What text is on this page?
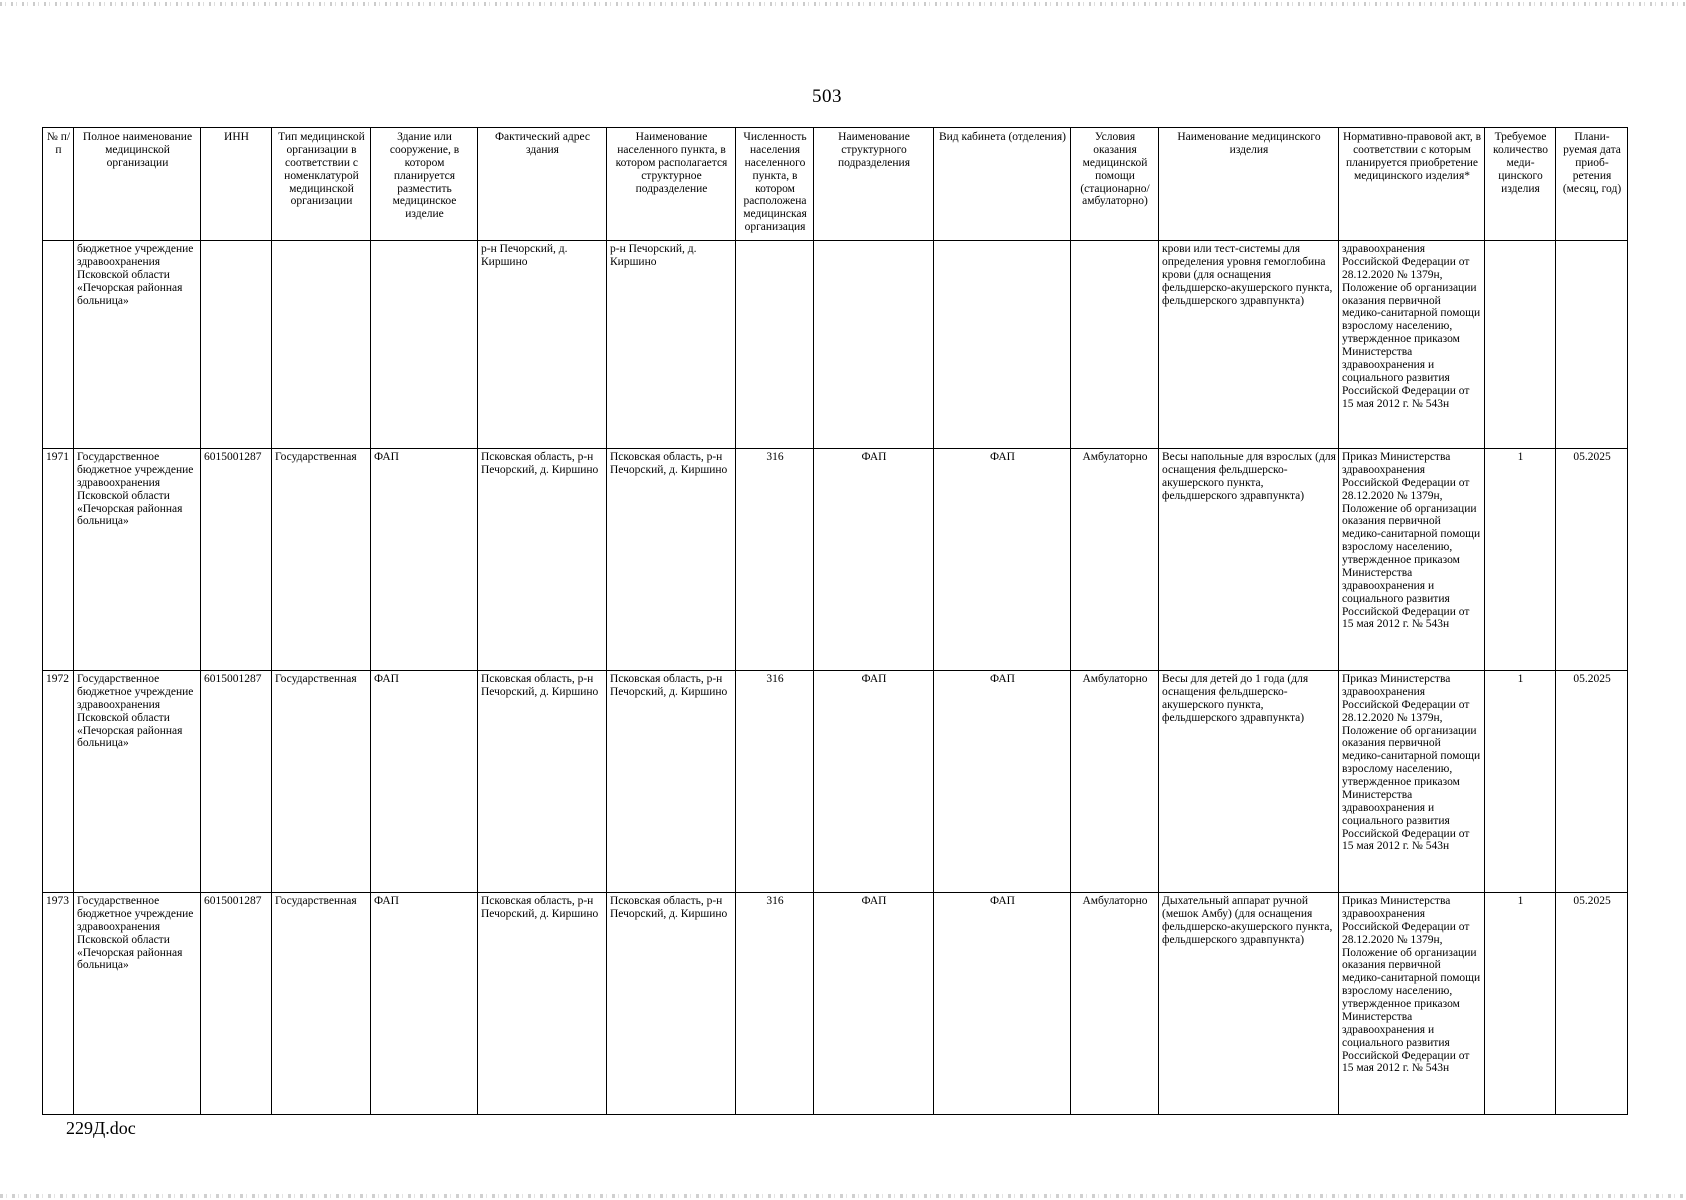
503
№ п/п	Полное наименование медицинской организации	ИНН	Тип медицинской организации в соответствии с номенклатурой медицинской организации	Здание или сооружение, в котором планируется разместить медицинское изделие	Фактический адрес здания	Наименование населенного пункта, в котором располагается структурное подразделение	Численность населения населенного пункта, в котором расположена медицинская организация	Наименование структурного подразделения	Вид кабинета (отделения)	Условия оказания медицинской помощи (стационарно/ амбулаторно)	Наименование медицинского изделия	Нормативно-правовой акт, в соответствии с которым планируется приобретение медицинского изделия*	Требуемое количество меди-цинского изделия	Плани-руемая дата приоб-ретения (месяц, год)
	бюджетное учреждение здравоохранения Псковской области «Печорская районная больница»				р-н Печорский, д. Киршино	р-н Печорский, д. Киршино					крови или тест-системы для определения уровня гемоглобина крови (для оснащения фельдшерско-акушерского пункта, фельдшерского здравпункта)	здравоохранения Российской Федерации от 28.12.2020 № 1379н, Положение об организации оказания первичной медико-санитарной помощи взрослому населению, утвержденное приказом Министерства здравоохранения и социального развития Российской Федерации от 15 мая 2012 г. № 543н		
1971	Государственное бюджетное учреждение здравоохранения Псковской области «Печорская районная больница»	6015001287	Государственная	ФАП	Псковская область, р-н Печорский, д. Киршино	Псковская область, р-н Печорский, д. Киршино	316	ФАП	ФАП	Амбулаторно	Весы напольные для взрослых (для оснащения фельдшерско-акушерского пункта, фельдшерского здравпункта)	Приказ Министерства здравоохранения Российской Федерации от 28.12.2020 № 1379н, Положение об организации оказания первичной медико-санитарной помощи взрослому населению, утвержденное приказом Министерства здравоохранения и социального развития Российской Федерации от 15 мая 2012 г. № 543н	1	05.2025
1972	Государственное бюджетное учреждение здравоохранения Псковской области «Печорская районная больница»	6015001287	Государственная	ФАП	Псковская область, р-н Печорский, д. Киршино	Псковская область, р-н Печорский, д. Киршино	316	ФАП	ФАП	Амбулаторно	Весы для детей до 1 года (для оснащения фельдшерско-акушерского пункта, фельдшерского здравпункта)	Приказ Министерства здравоохранения Российской Федерации от 28.12.2020 № 1379н, Положение об организации оказания первичной медико-санитарной помощи взрослому населению, утвержденное приказом Министерства здравоохранения и социального развития Российской Федерации от 15 мая 2012 г. № 543н	1	05.2025
1973	Государственное бюджетное учреждение здравоохранения Псковской области «Печорская районная больница»	6015001287	Государственная	ФАП	Псковская область, р-н Печорский, д. Киршино	Псковская область, р-н Печорский, д. Киршино	316	ФАП	ФАП	Амбулаторно	Дыхательный аппарат ручной (мешок Амбу) (для оснащения фельдшерско-акушерского пункта, фельдшерского здравпункта)	Приказ Министерства здравоохранения Российской Федерации от 28.12.2020 № 1379н, Положение об организации оказания первичной медико-санитарной помощи взрослому населению, утвержденное приказом Министерства здравоохранения и социального развития Российской Федерации от 15 мая 2012 г. № 543н	1	05.2025
229Д.doc
